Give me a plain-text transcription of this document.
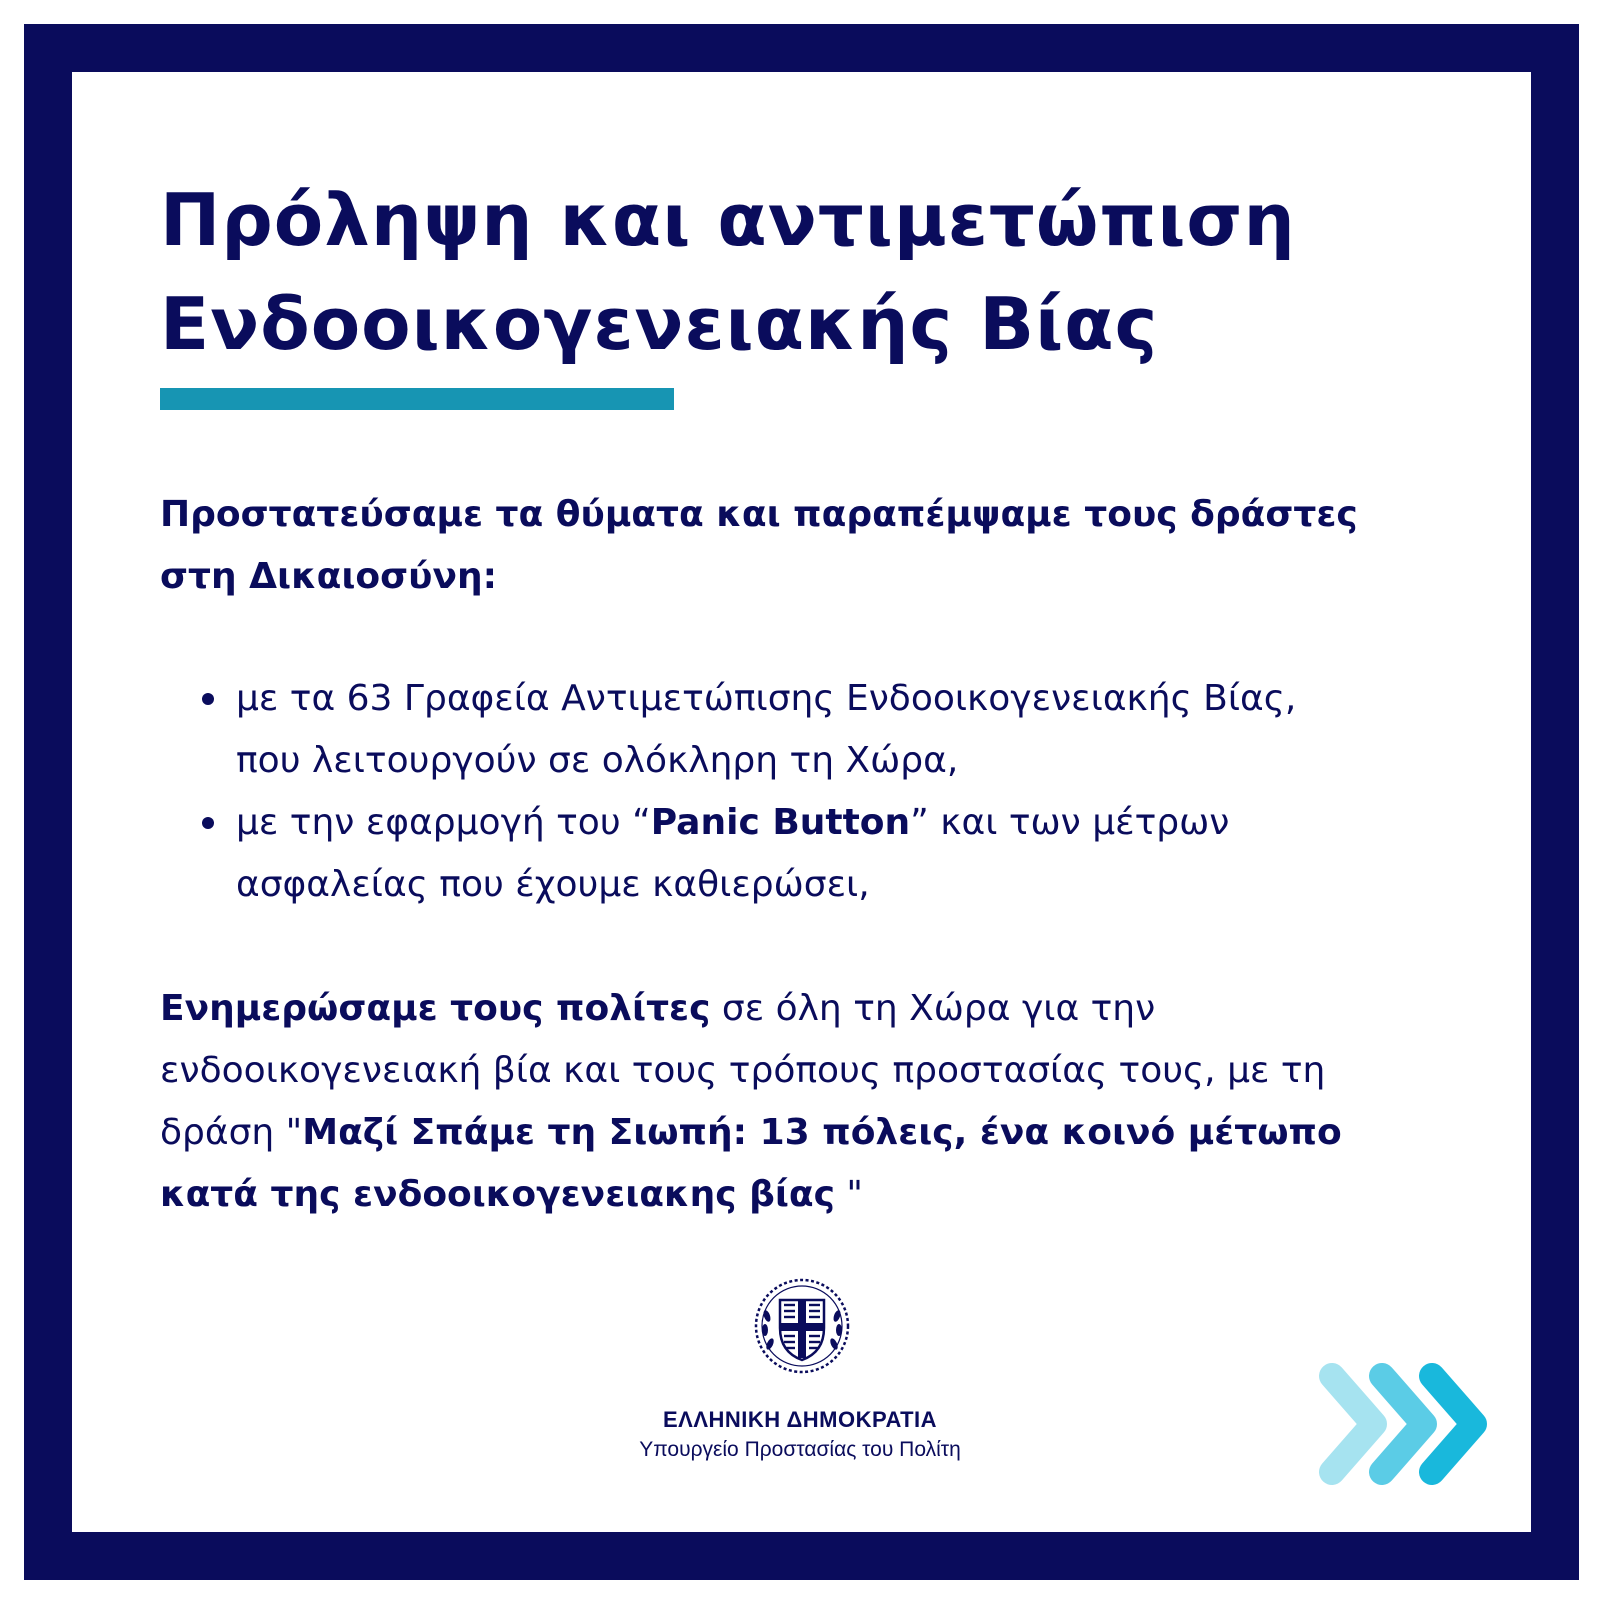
Πρόληψη και αντιμετώπιση
Ενδοοικογενειακής Βίας

Προστατεύσαμε τα θύματα και παραπέμψαμε τους δράστες
στη Δικαιοσύνη:

με τα 63 Γραφεία Αντιμετώπισης Ενδοοικογενειακής Βίας,
που λειτουργούν σε ολόκληρη τη Χώρα,
με την εφαρμογή του “Panic Button” και των μέτρων
ασφαλείας που έχουμε καθιερώσει,

Ενημερώσαμε τους πολίτες σε όλη τη Χώρα για την
ενδοοικογενειακή βία και τους τρόπους προστασίας τους, με τη
δράση "Μαζί Σπάμε τη Σιωπή: 13 πόλεις, ένα κοινό μέτωπο
κατά της ενδοοικογενειακης βίας "

ΕΛΛΗΝΙΚΗ ΔΗΜΟΚΡΑΤΙΑ
Υπουργείο Προστασίας του Πολίτη
